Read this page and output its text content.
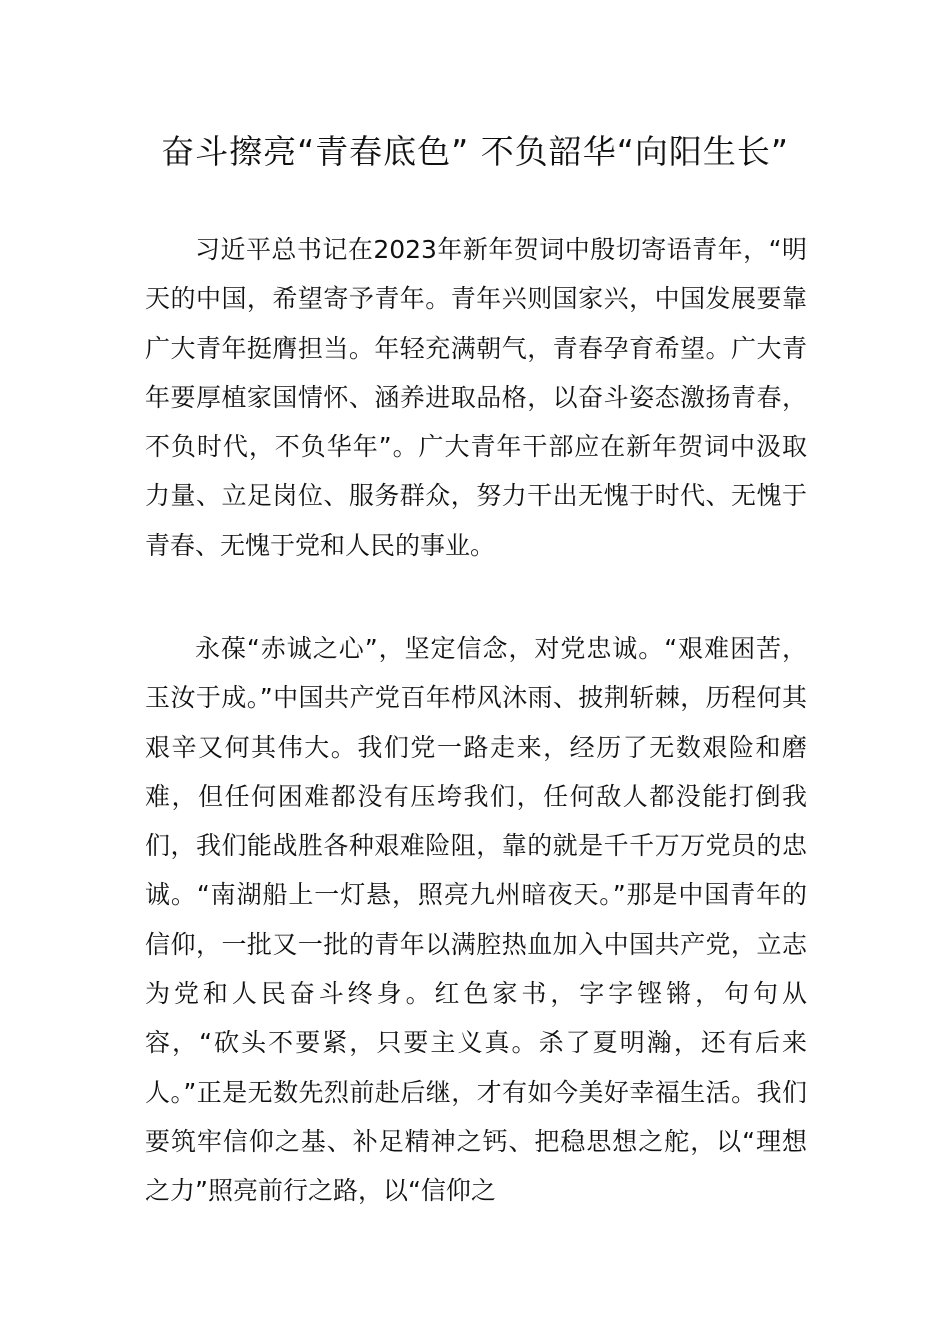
奋斗擦亮“青春底色” 不负韶华“向阳生长”

习近平总书记在2023年新年贺词中殷切寄语青年，“明天的中国，希望寄予青年。青年兴则国家兴，中国发展要靠广大青年挺膺担当。年轻充满朝气，青春孕育希望。广大青年要厚植家国情怀、涵养进取品格，以奋斗姿态激扬青春，不负时代，不负华年”。广大青年干部应在新年贺词中汲取力量、立足岗位、服务群众，努力干出无愧于时代、无愧于青春、无愧于党和人民的事业。

永葆“赤诚之心”，坚定信念，对党忠诚。“艰难困苦，玉汝于成。”中国共产党百年栉风沐雨、披荆斩棘，历程何其艰辛又何其伟大。我们党一路走来，经历了无数艰险和磨难，但任何困难都没有压垮我们，任何敌人都没能打倒我们，我们能战胜各种艰难险阻，靠的就是千千万万党员的忠诚。“南湖船上一灯悬，照亮九州暗夜天。”那是中国青年的信仰，一批又一批的青年以满腔热血加入中国共产党，立志为党和人民奋斗终身。红色家书，字字铿锵，句句从容，“砍头不要紧，只要主义真。杀了夏明瀚，还有后来人。”正是无数先烈前赴后继，才有如今美好幸福生活。我们要筑牢信仰之基、补足精神之钙、把稳思想之舵，以“理想之力”照亮前行之路，以“信仰之
